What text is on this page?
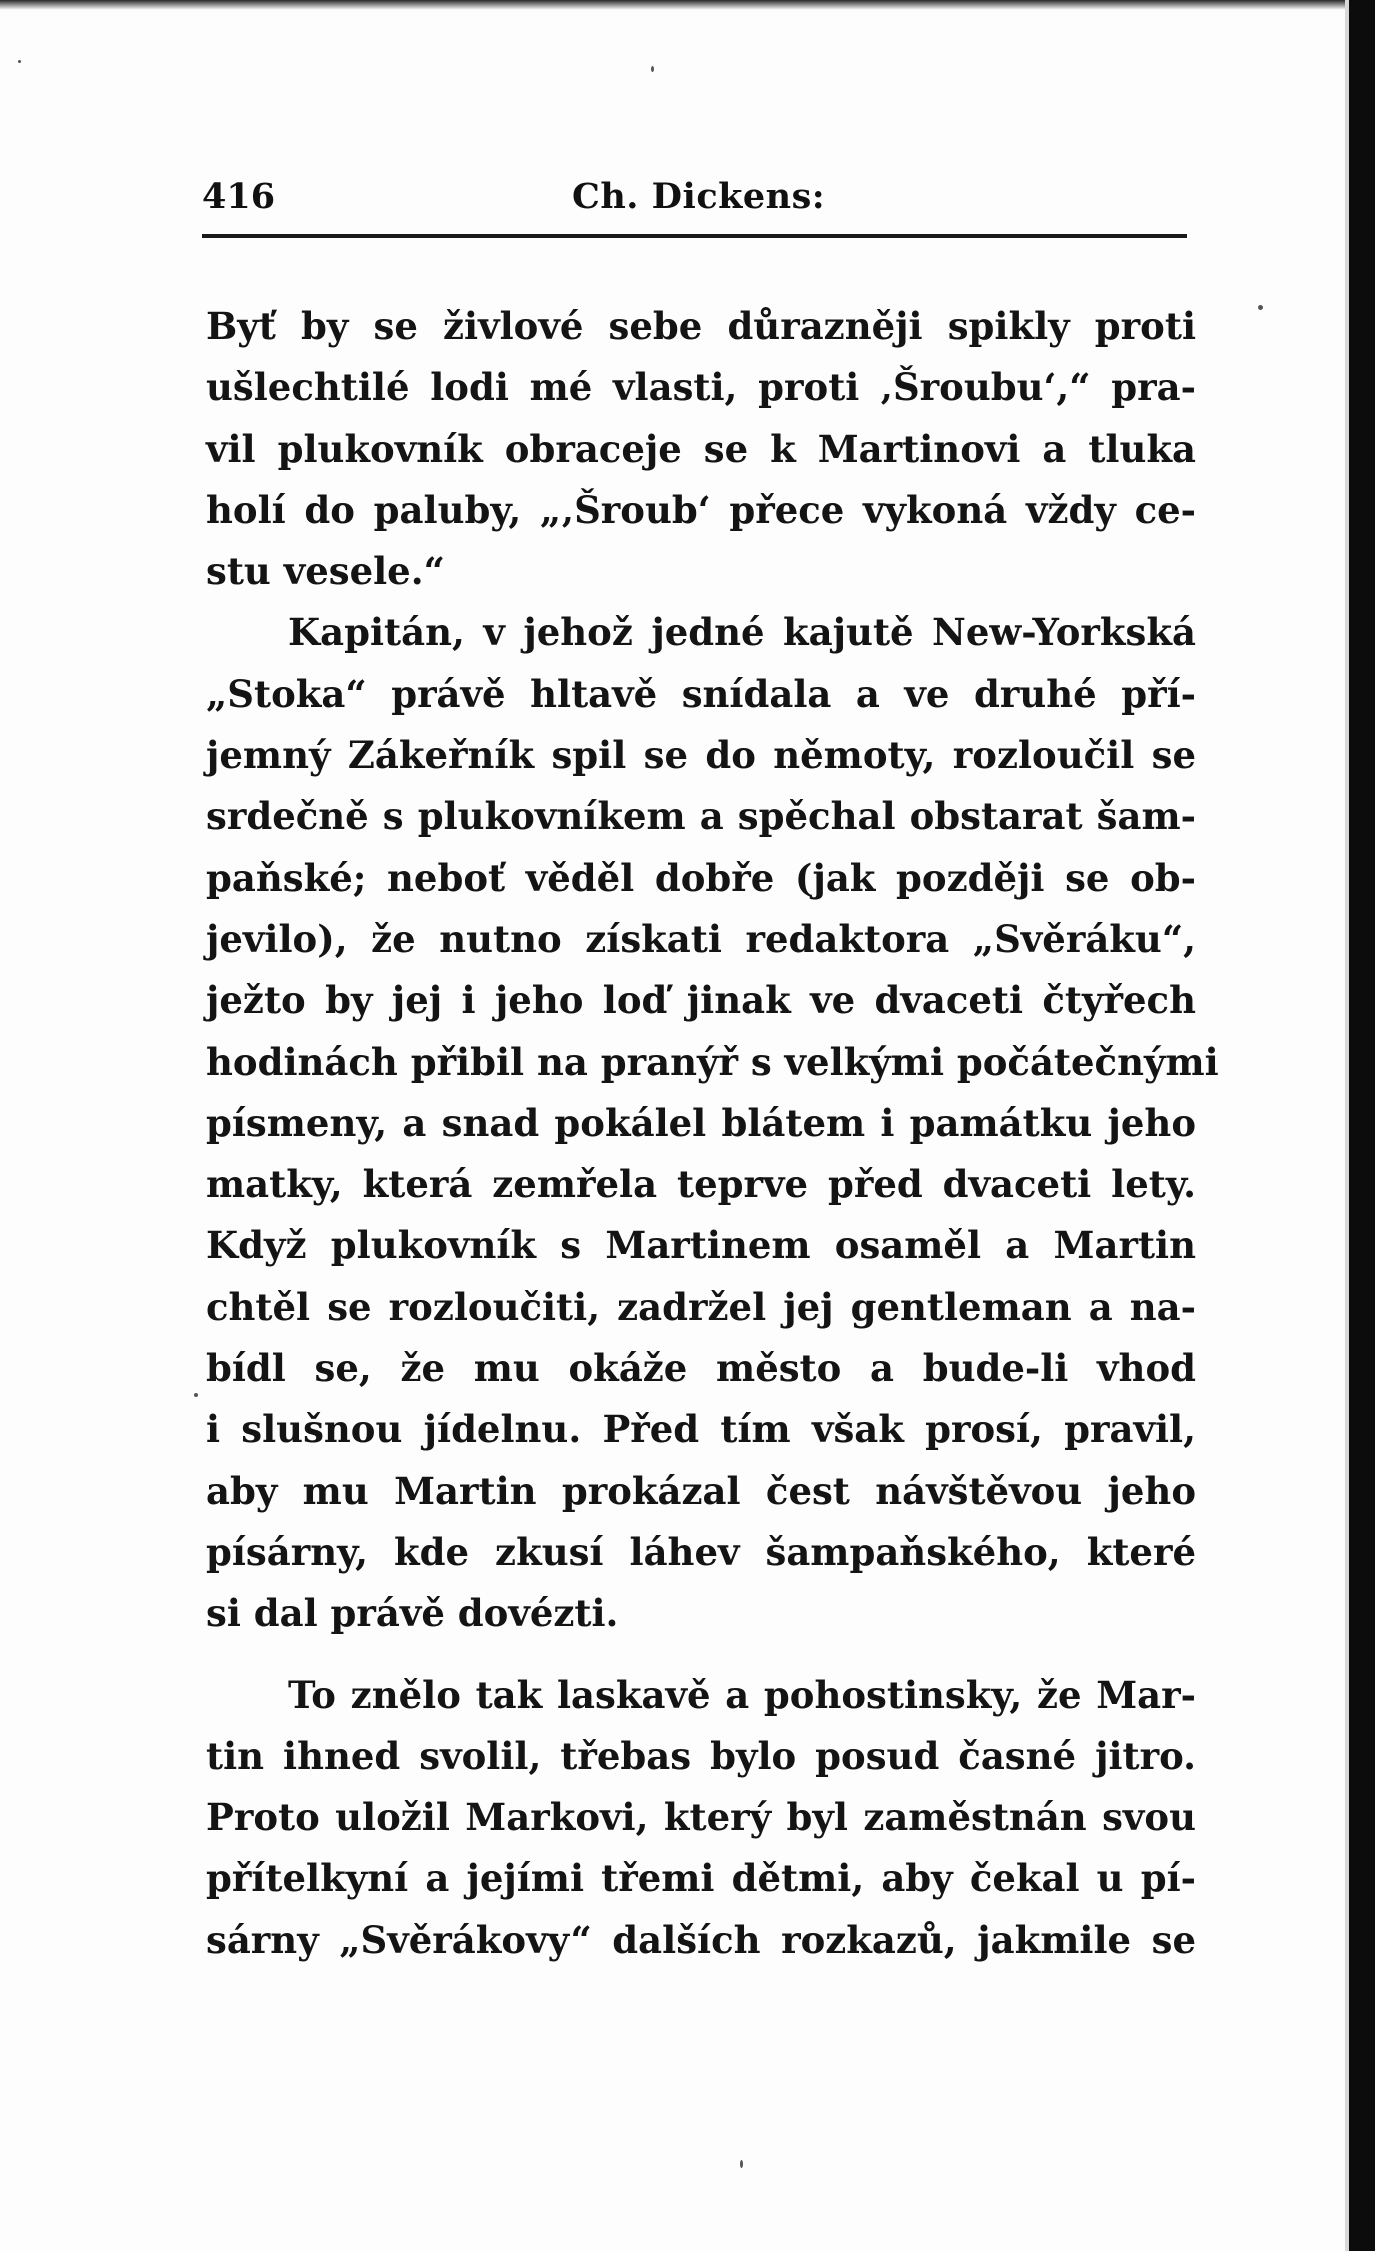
416	Ch. Dickens:
Byť by se živlové sebe důrazněji spikly proti
ušlechtilé lodi mé vlasti, proti ‚Šroubu‘,“ pra-
vil plukovník obraceje se k Martinovi a tluka
holí do paluby, „‚Šroub‘ přece vykoná vždy ce-
stu vesele.“
Kapitán, v jehož jedné kajutě New-Yorkská
„Stoka“ právě hltavě snídala a ve druhé pří-
jemný Zákeřník spil se do němoty, rozloučil se
srdečně s plukovníkem a spěchal obstarat šam-
paňské; neboť věděl dobře (jak později se ob-
jevilo), že nutno získati redaktora „Svěráku“,
ježto by jej i jeho loď jinak ve dvaceti čtyřech
hodinách přibil na pranýř s velkými počátečnými
písmeny, a snad pokálel blátem i památku jeho
matky, která zemřela teprve před dvaceti lety.
Když plukovník s Martinem osaměl a Martin
chtěl se rozloučiti, zadržel jej gentleman a na-
bídl se, že mu okáže město a bude-li vhod
i slušnou jídelnu. Před tím však prosí, pravil,
aby mu Martin prokázal čest návštěvou jeho
písárny, kde zkusí láhev šampaňského, které
si dal právě dovézti.
To znělo tak laskavě a pohostinsky, že Mar-
tin ihned svolil, třebas bylo posud časné jitro.
Proto uložil Markovi, který byl zaměstnán svou
přítelkyní a jejími třemi dětmi, aby čekal u pí-
sárny „Svěrákovy“ dalších rozkazů, jakmile se
